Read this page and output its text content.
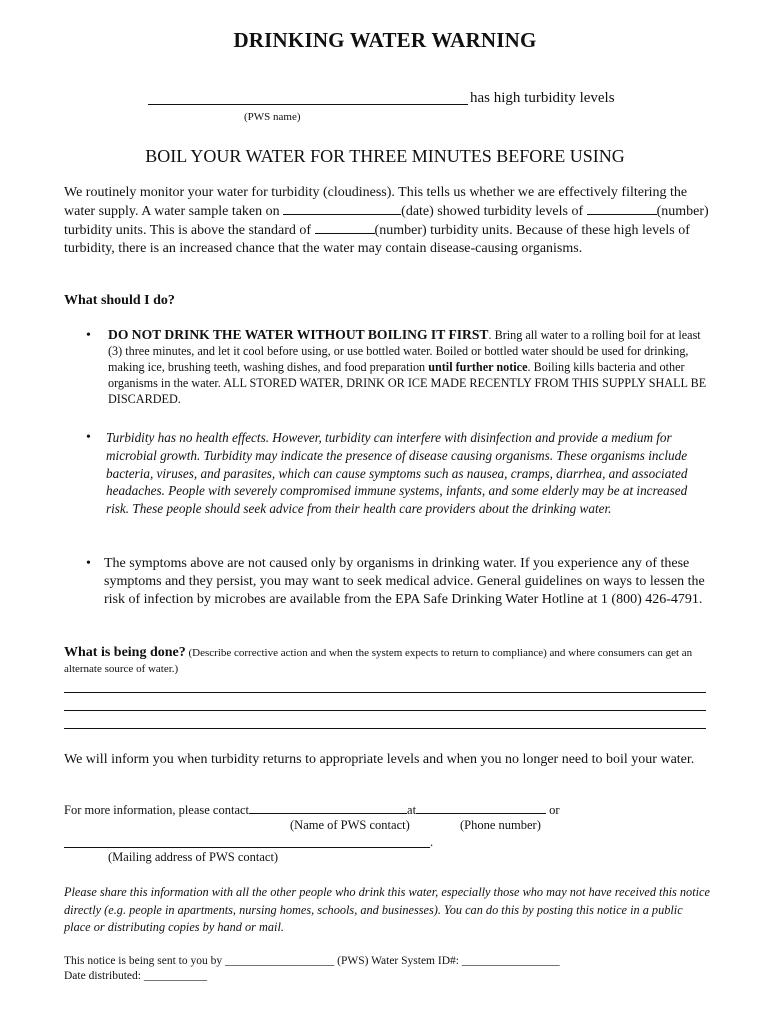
DRINKING WATER WARNING
has high turbidity levels
(PWS name)
BOIL YOUR WATER FOR THREE MINUTES BEFORE USING
We routinely monitor your water for turbidity (cloudiness). This tells us whether we are effectively filtering the water supply. A water sample taken on	(date) showed turbidity levels of	(number) turbidity units. This is above the standard of	(number) turbidity units. Because of these high levels of turbidity, there is an increased chance that the water may contain disease-causing organisms.
What should I do?
• DO NOT DRINK THE WATER WITHOUT BOILING IT FIRST. Bring all water to a rolling boil for at least (3) three minutes, and let it cool before using, or use bottled water. Boiled or bottled water should be used for drinking, making ice, brushing teeth, washing dishes, and food preparation until further notice. Boiling kills bacteria and other organisms in the water. ALL STORED WATER, DRINK OR ICE MADE RECENTLY FROM THIS SUPPLY SHALL BE DISCARDED.
• Turbidity has no health effects. However, turbidity can interfere with disinfection and provide a medium for microbial growth. Turbidity may indicate the presence of disease causing organisms. These organisms include bacteria, viruses, and parasites, which can cause symptoms such as nausea, cramps, diarrhea, and associated headaches. People with severely compromised immune systems, infants, and some elderly may be at increased risk. These people should seek advice from their health care providers about the drinking water.
• The symptoms above are not caused only by organisms in drinking water. If you experience any of these symptoms and they persist, you may want to seek medical advice. General guidelines on ways to lessen the risk of infection by microbes are available from the EPA Safe Drinking Water Hotline at 1 (800) 426-4791.
What is being done? (Describe corrective action and when the system expects to return to compliance) and where consumers can get an alternate source of water.)
We will inform you when turbidity returns to appropriate levels and when you no longer need to boil your water.
For more information, please contact	at	or
(Name of PWS contact)	(Phone number)
.
(Mailing address of PWS contact)
Please share this information with all the other people who drink this water, especially those who may not have received this notice directly (e.g. people in apartments, nursing homes, schools, and businesses). You can do this by posting this notice in a public place or distributing copies by hand or mail.
This notice is being sent to you by ___________________ (PWS) Water System ID#: _________________
Date distributed: ___________
